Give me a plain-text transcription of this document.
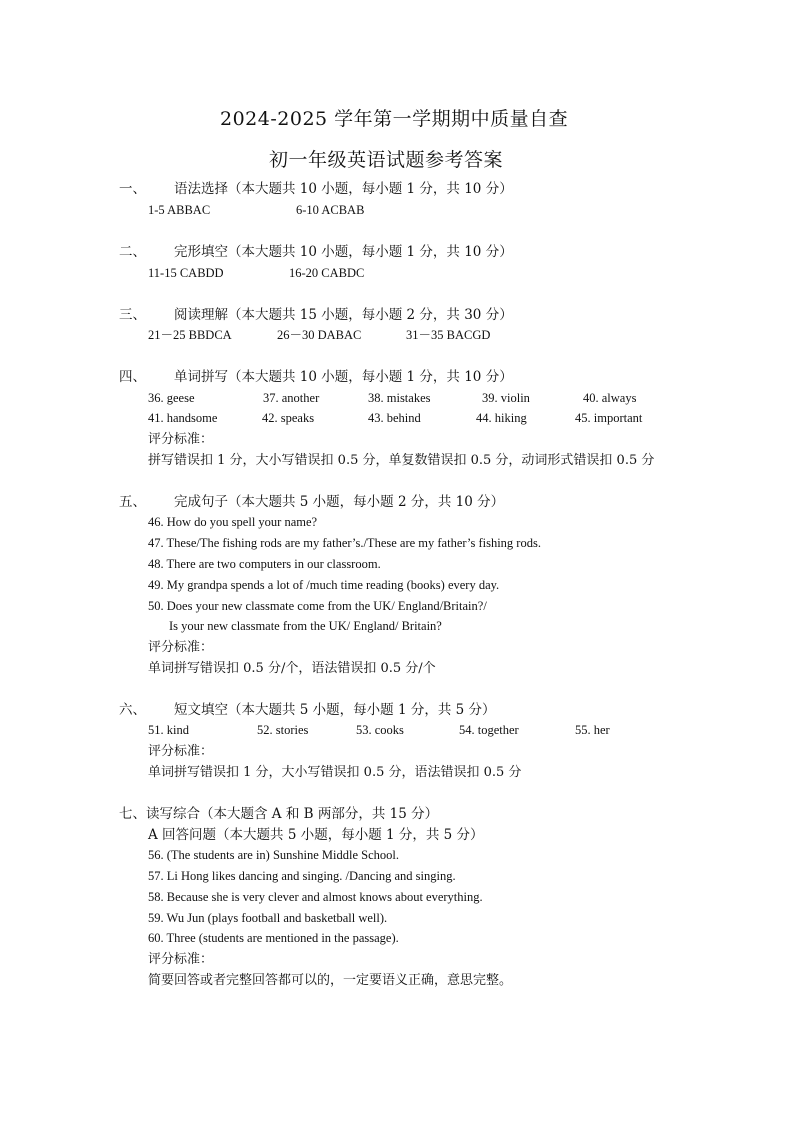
2024-2025 学年第一学期期中质量自查
初一年级英语试题参考答案
一、 语法选择（本大题共 10 小题，每小题 1 分，共 10 分）
1-5 ABBAC	6-10 ACBAB
二、 完形填空（本大题共 10 小题，每小题 1 分，共 10 分）
11-15 CABDD	16-20 CABDC
三、 阅读理解（本大题共 15 小题，每小题 2 分，共 30 分）
21－25 BBDCA	26－30 DABAC	31－35 BACGD
四、 单词拼写（本大题共 10 小题，每小题 1 分，共 10 分）
36. geese	37. another	38. mistakes	39. violin	40. always
41. handsome	42. speaks	43. behind	44. hiking	45. important
评分标准：
拼写错误扣 1 分，大小写错误扣 0.5 分，单复数错误扣 0.5 分，动词形式错误扣 0.5 分
五、 完成句子（本大题共 5 小题，每小题 2 分，共 10 分）
46. How do you spell your name?
47. These/The fishing rods are my father’s./These are my father’s fishing rods.
48. There are two computers in our classroom.
49. My grandpa spends a lot of /much time reading (books) every day.
50. Does your new classmate come from the UK/ England/Britain?/
Is your new classmate from the UK/ England/ Britain?
评分标准：
单词拼写错误扣 0.5 分/个，语法错误扣 0.5 分/个
六、 短文填空（本大题共 5 小题，每小题 1 分，共 5 分）
51. kind	52. stories	53. cooks	54. together	55. her
评分标准：
单词拼写错误扣 1 分，大小写错误扣 0.5 分，语法错误扣 0.5 分
七、读写综合（本大题含 A 和 B 两部分，共 15 分）
A 回答问题（本大题共 5 小题，每小题 1 分，共 5 分）
56. (The students are in) Sunshine Middle School.
57. Li Hong likes dancing and singing. /Dancing and singing.
58. Because she is very clever and almost knows about everything.
59. Wu Jun (plays football and basketball well).
60. Three (students are mentioned in the passage).
评分标准：
简要回答或者完整回答都可以的，一定要语义正确，意思完整。
